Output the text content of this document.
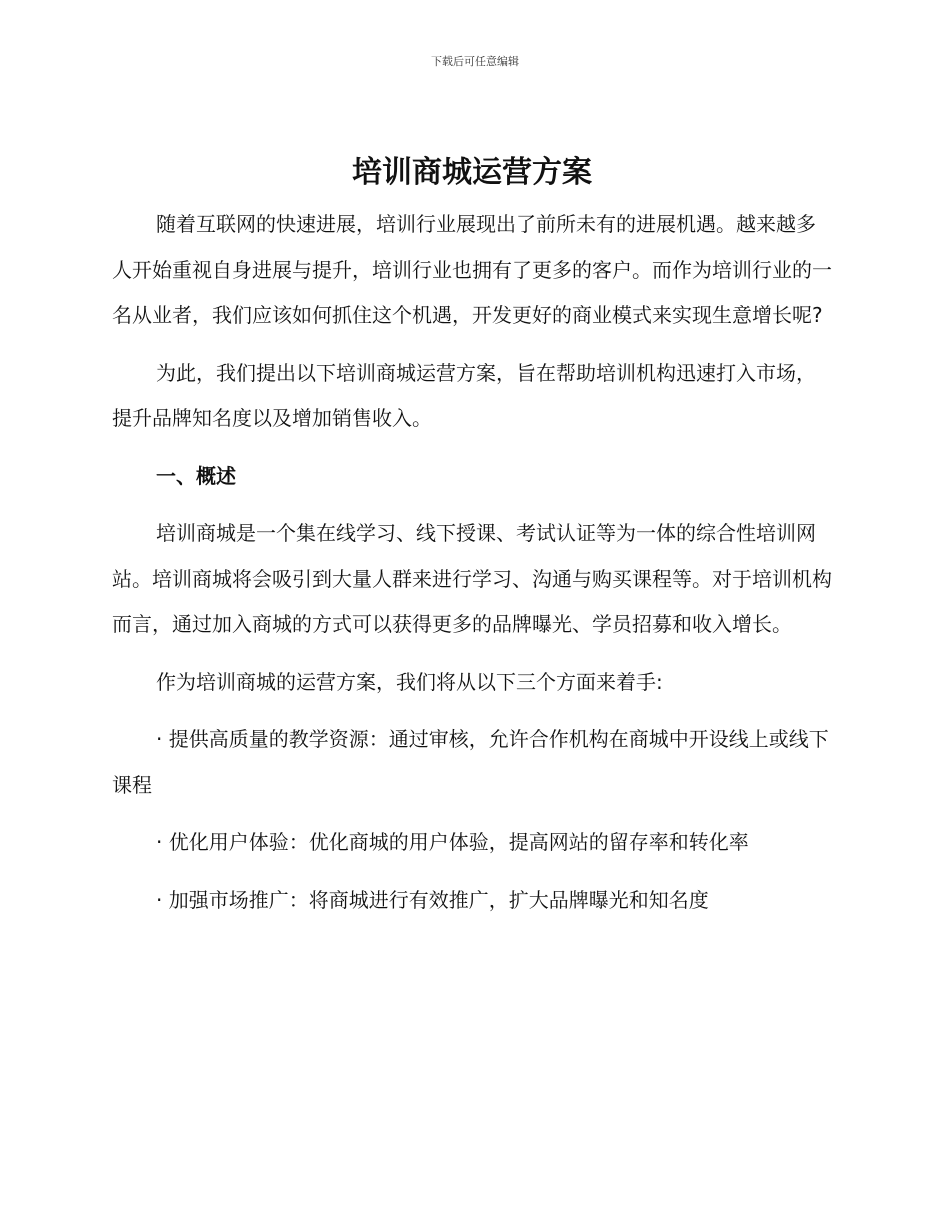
下载后可任意编辑
培训商城运营方案

随着互联网的快速进展，培训行业展现出了前所未有的进展机遇。越来越多人开始重视自身进展与提升，培训行业也拥有了更多的客户。而作为培训行业的一名从业者，我们应该如何抓住这个机遇，开发更好的商业模式来实现生意增长呢?

为此，我们提出以下培训商城运营方案，旨在帮助培训机构迅速打入市场，提升品牌知名度以及增加销售收入。

一、概述

培训商城是一个集在线学习、线下授课、考试认证等为一体的综合性培训网站。培训商城将会吸引到大量人群来进行学习、沟通与购买课程等。对于培训机构而言，通过加入商城的方式可以获得更多的品牌曝光、学员招募和收入增长。

作为培训商城的运营方案，我们将从以下三个方面来着手:

· 提供高质量的教学资源：通过审核，允许合作机构在商城中开设线上或线下课程

· 优化用户体验：优化商城的用户体验，提高网站的留存率和转化率

· 加强市场推广：将商城进行有效推广，扩大品牌曝光和知名度
